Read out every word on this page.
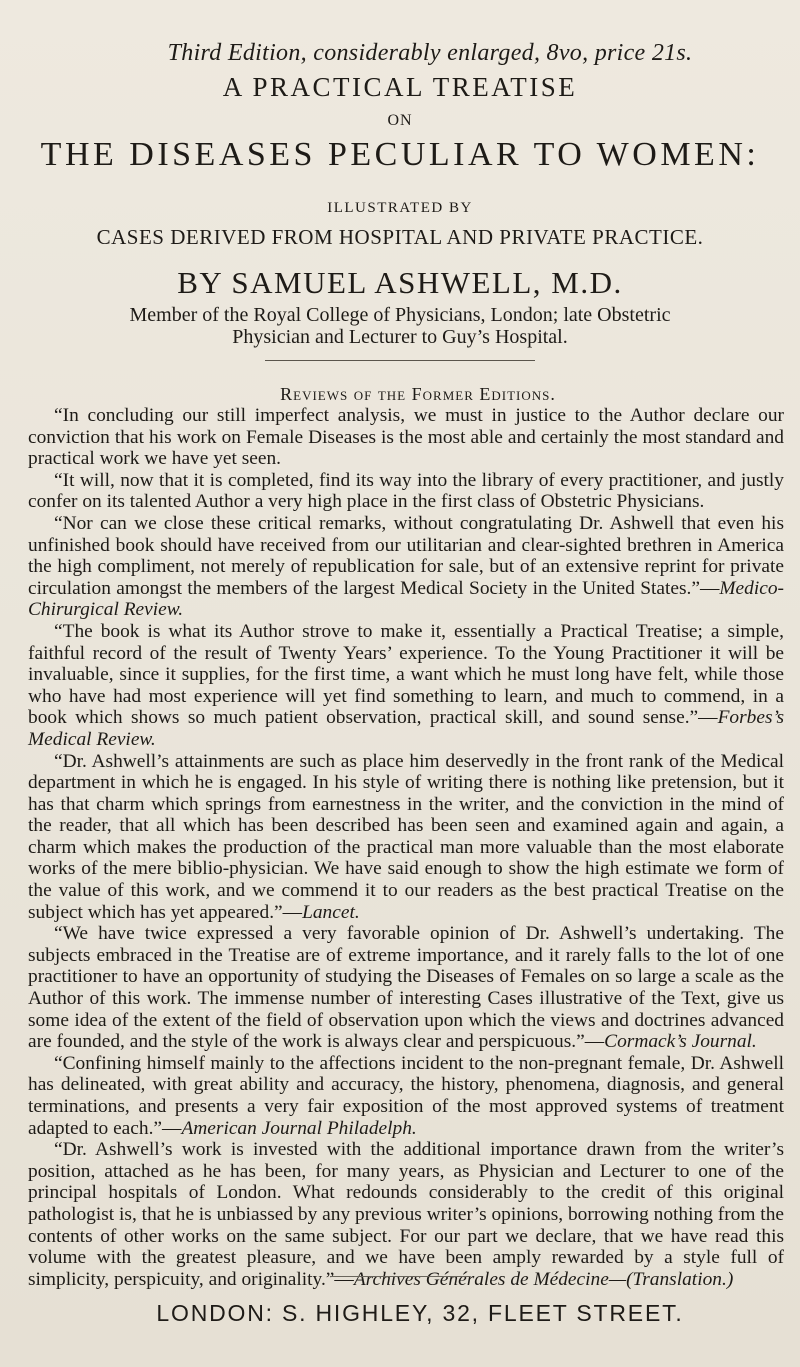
Third Edition, considerably enlarged, 8vo, price 21s.
A PRACTICAL TREATISE
ON
THE DISEASES PECULIAR TO WOMEN:
ILLUSTRATED BY
CASES DERIVED FROM HOSPITAL AND PRIVATE PRACTICE.
BY SAMUEL ASHWELL, M.D.
Member of the Royal College of Physicians, London; late Obstetric
Physician and Lecturer to Guy’s Hospital.
Reviews of the Former Editions.

“In concluding our still imperfect analysis, we must in justice to the Author declare our conviction that his work on Female Diseases is the most able and certainly the most standard and practical work we have yet seen.

“It will, now that it is completed, find its way into the library of every practitioner, and justly confer on its talented Author a very high place in the first class of Obstetric Physicians.

“Nor can we close these critical remarks, without congratulating Dr. Ashwell that even his unfinished book should have received from our utilitarian and clear-sighted brethren in America the high compliment, not merely of republication for sale, but of an extensive reprint for private circulation amongst the members of the largest Medical Society in the United States.”—Medico-Chirurgical Review.

“The book is what its Author strove to make it, essentially a Practical Treatise; a simple, faithful record of the result of Twenty Years’ experience. To the Young Practitioner it will be invaluable, since it supplies, for the first time, a want which he must long have felt, while those who have had most experience will yet find something to learn, and much to commend, in a book which shows so much patient observation, practical skill, and sound sense.”—Forbes’s Medical Review.

“Dr. Ashwell’s attainments are such as place him deservedly in the front rank of the Medical department in which he is engaged. In his style of writing there is nothing like pretension, but it has that charm which springs from earnestness in the writer, and the conviction in the mind of the reader, that all which has been described has been seen and examined again and again, a charm which makes the production of the practical man more valuable than the most elaborate works of the mere biblio-physician. We have said enough to show the high estimate we form of the value of this work, and we commend it to our readers as the best practical Treatise on the subject which has yet appeared.”—Lancet.

“We have twice expressed a very favorable opinion of Dr. Ashwell’s undertaking. The subjects embraced in the Treatise are of extreme importance, and it rarely falls to the lot of one practitioner to have an opportunity of studying the Diseases of Females on so large a scale as the Author of this work. The immense number of interesting Cases illustrative of the Text, give us some idea of the extent of the field of observation upon which the views and doctrines advanced are founded, and the style of the work is always clear and perspicuous.”—Cormack’s Journal.

“Confining himself mainly to the affections incident to the non-pregnant female, Dr. Ashwell has delineated, with great ability and accuracy, the history, phenomena, diagnosis, and general terminations, and presents a very fair exposition of the most approved systems of treatment adapted to each.”—American Journal Philadelph.

“Dr. Ashwell’s work is invested with the additional importance drawn from the writer’s position, attached as he has been, for many years, as Physician and Lecturer to one of the principal hospitals of London. What redounds considerably to the credit of this original pathologist is, that he is unbiassed by any previous writer’s opinions, borrowing nothing from the contents of other works on the same subject. For our part we declare, that we have read this volume with the greatest pleasure, and we have been amply rewarded by a style full of simplicity, perspicuity, and originality.”—Archives Générales de Médecine—(Translation.)

LONDON: S. HIGHLEY, 32, FLEET STREET.
